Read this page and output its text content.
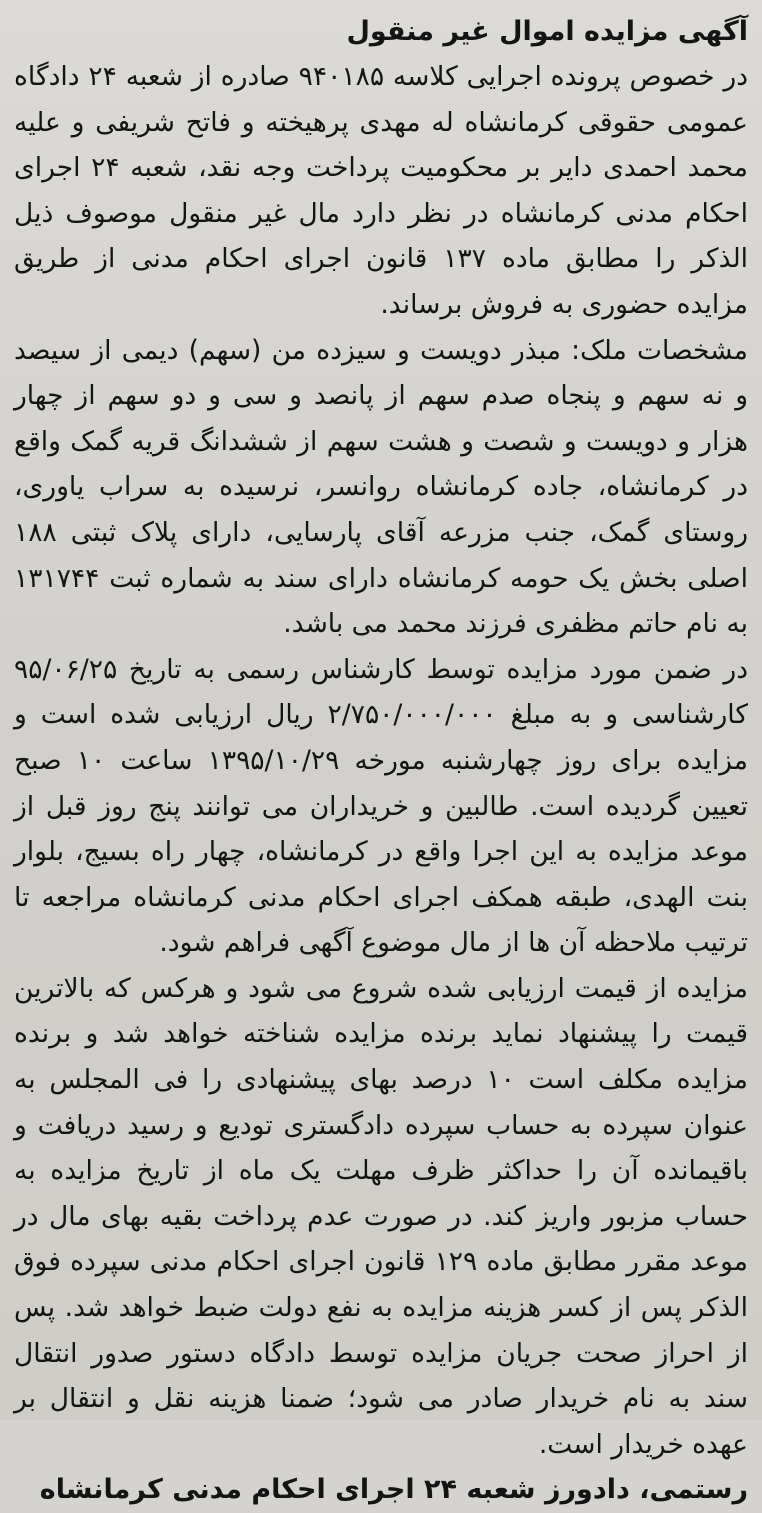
آگهی مزایده اموال غیر منقول

در خصوص پرونده اجرایی کلاسه ۹۴۰۱۸۵ صادره از شعبه ۲۴ دادگاه عمومی حقوقی کرمانشاه له مهدی پرهیخته و فاتح شریفی و علیه محمد احمدی دایر بر محکومیت پرداخت وجه نقد، شعبه ۲۴ اجرای احکام مدنی کرمانشاه در نظر دارد مال غیر منقول موصوف ذیل الذکر را مطابق ماده ۱۳۷ قانون اجرای احکام مدنی از طریق مزایده حضوری به فروش برساند.

مشخصات ملک: مبذر دویست و سیزده من (سهم) دیمی از سیصد و نه سهم و پنجاه صدم سهم از پانصد و سی و دو سهم از چهار هزار و دویست و شصت و هشت سهم از ششدانگ قریه گمک واقع در کرمانشاه، جاده کرمانشاه روانسر، نرسیده به سراب یاوری، روستای گمک، جنب مزرعه آقای پارسایی، دارای پلاک ثبتی ۱۸۸ اصلی بخش یک حومه کرمانشاه دارای سند به شماره ثبت ۱۳۱۷۴۴ به نام حاتم مظفری فرزند محمد می باشد.

در ضمن مورد مزایده توسط کارشناس رسمی به تاریخ ۹۵/۰۶/۲۵ کارشناسی و به مبلغ ۲/۷۵۰/۰۰۰/۰۰۰ ریال ارزیابی شده است و مزایده برای روز چهارشنبه مورخه ۱۳۹۵/۱۰/۲۹ ساعت ۱۰ صبح تعیین گردیده است. طالبین و خریداران می توانند پنج روز قبل از موعد مزایده به این اجرا واقع در کرمانشاه، چهار راه بسیج، بلوار بنت الهدی، طبقه همکف اجرای احکام مدنی کرمانشاه مراجعه تا ترتیب ملاحظه آن ها از مال موضوع آگهی فراهم شود.

مزایده از قیمت ارزیابی شده شروع می شود و هرکس که بالاترین قیمت را پیشنهاد نماید برنده مزایده شناخته خواهد شد و برنده مزایده مکلف است ۱۰ درصد بهای پیشنهادی را فی المجلس به عنوان سپرده به حساب سپرده دادگستری تودیع و رسید دریافت و باقیمانده آن را حداکثر ظرف مهلت یک ماه از تاریخ مزایده به حساب مزبور واریز کند. در صورت عدم پرداخت بقیه بهای مال در موعد مقرر مطابق ماده ۱۲۹ قانون اجرای احکام مدنی سپرده فوق الذکر پس از کسر هزینه مزایده به نفع دولت ضبط خواهد شد. پس از احراز صحت جریان مزایده توسط دادگاه دستور صدور انتقال سند به نام خریدار صادر می شود؛ ضمنا هزینه نقل و انتقال بر عهده خریدار است.

رستمی، دادورز شعبه ۲۴ اجرای احکام مدنی کرمانشاه
